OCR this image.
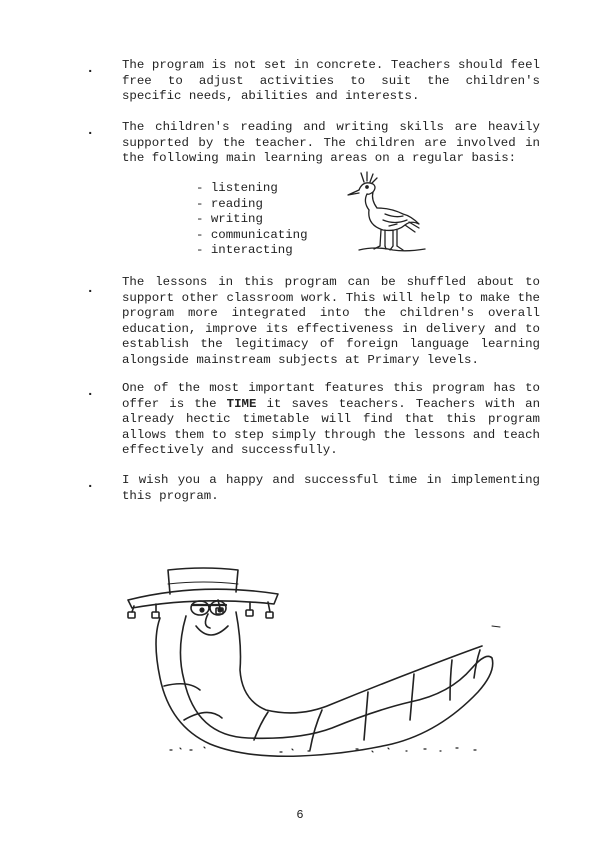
. The program is not set in concrete. Teachers should feel free to adjust activities to suit the children's specific needs, abilities and interests.
. The children's reading and writing skills are heavily supported by the teacher. The children are involved in the following main learning areas on a regular basis:
- listening
- reading
- writing
- communicating
- interacting
. The lessons in this program can be shuffled about to support other classroom work. This will help to make the program more integrated into the children's overall education, improve its effectiveness in delivery and to establish the legitimacy of foreign language learning alongside mainstream subjects at Primary levels.
. One of the most important features this program has to offer is the TIME it saves teachers. Teachers with an already hectic timetable will find that this program allows them to step simply through the lessons and teach effectively and successfully.
. I wish you a happy and successful time in implementing this program.
6
